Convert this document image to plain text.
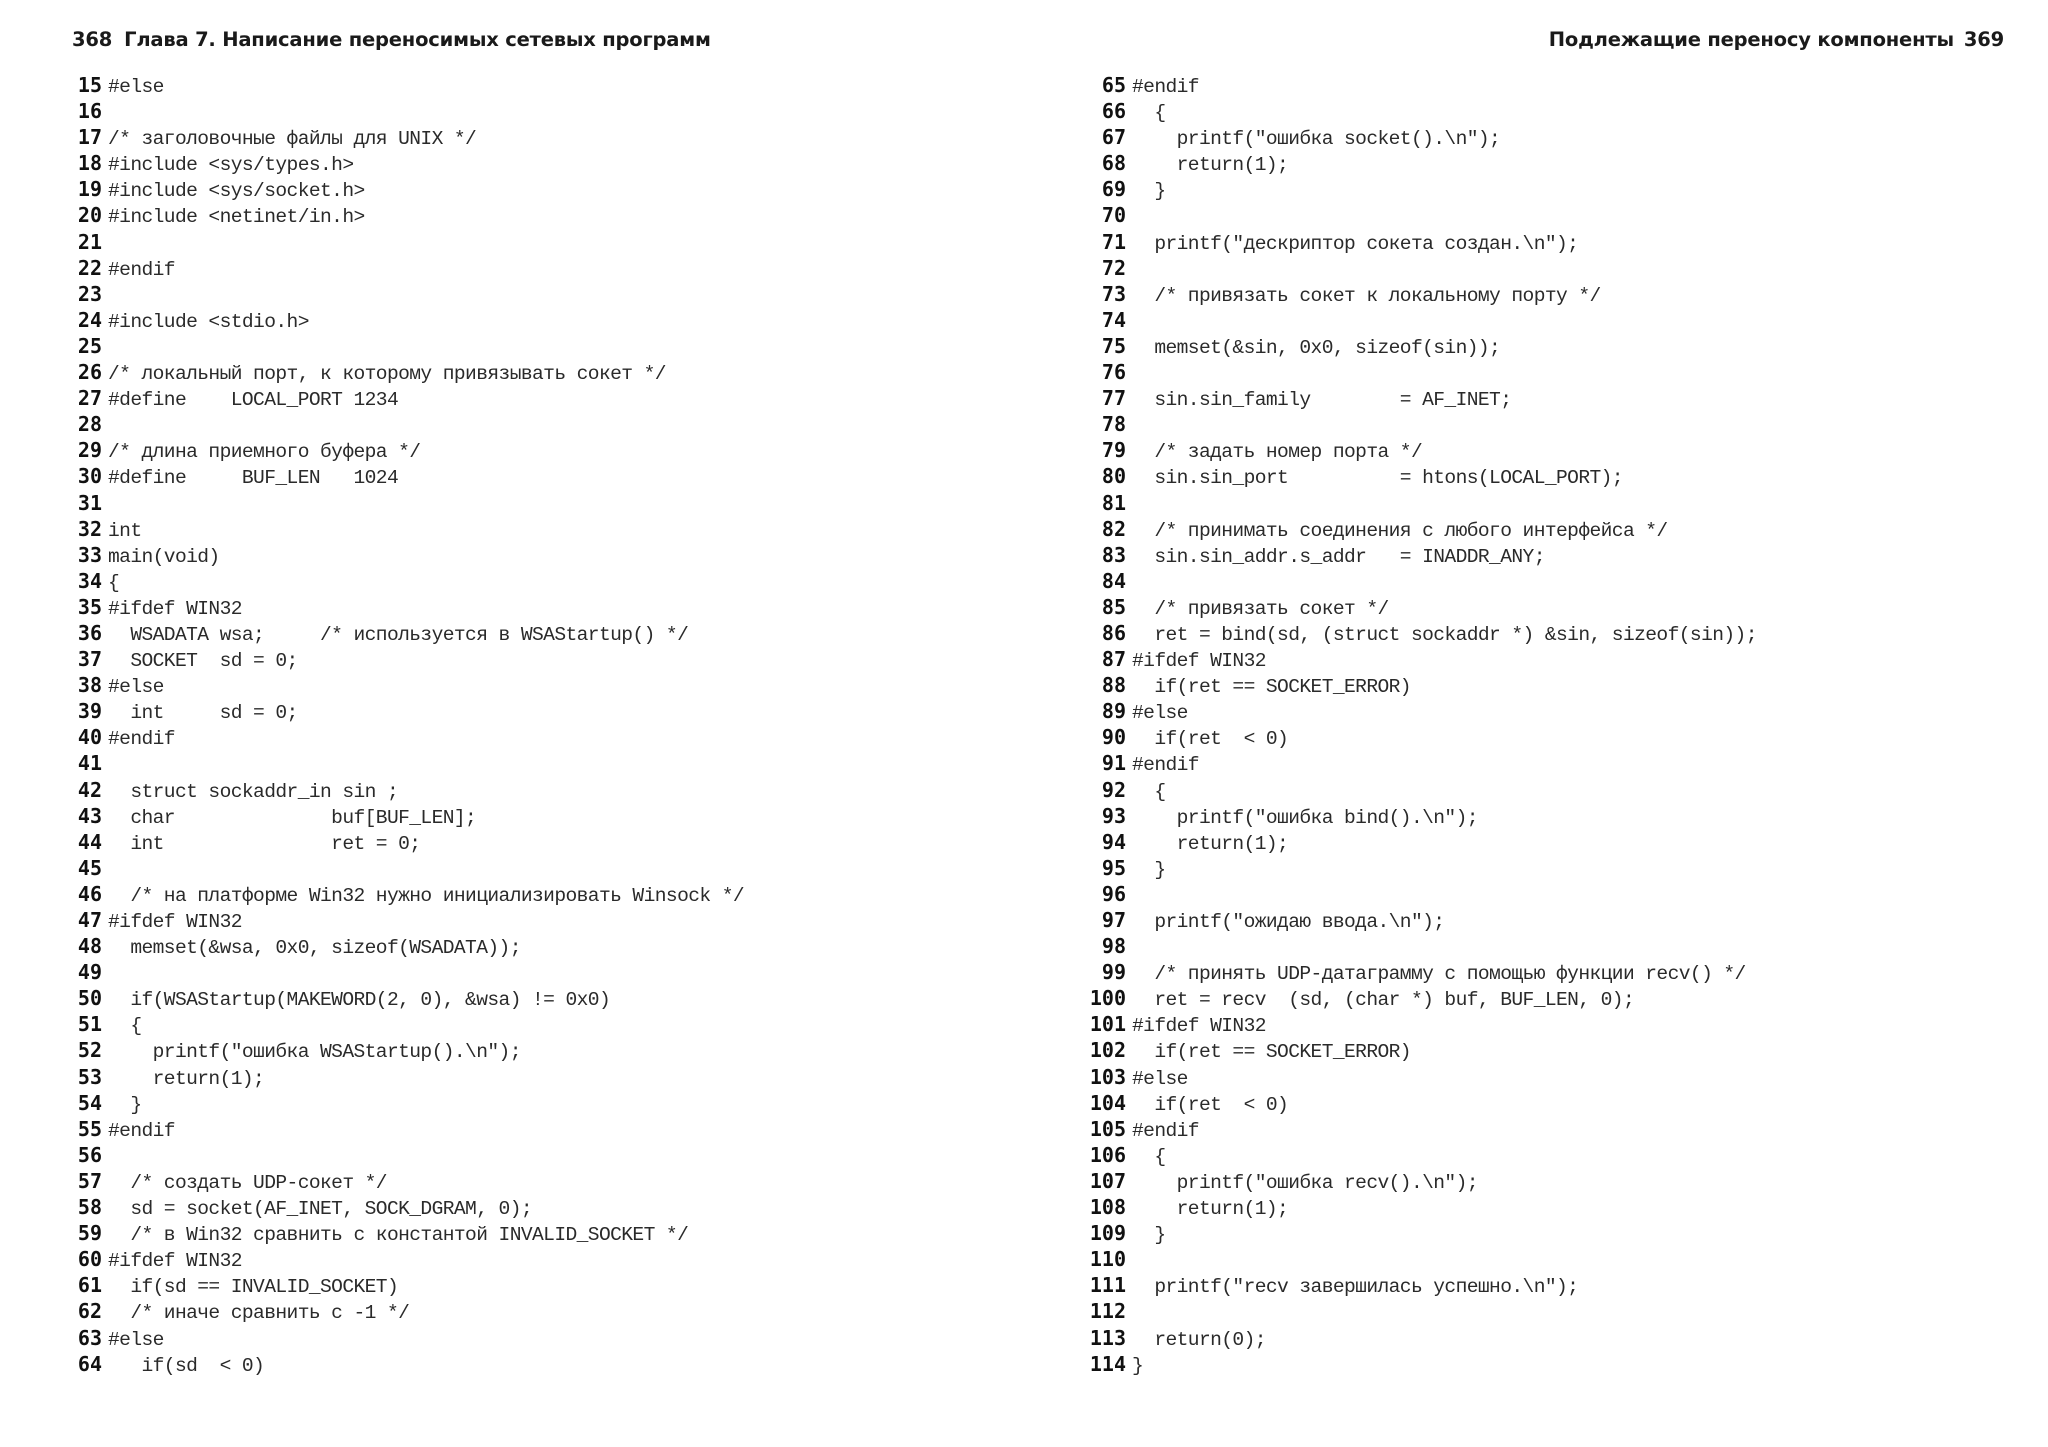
368 Глава 7. Написание переносимых сетевых программ
15 #else
16
17 /* заголовочные файлы для UNIX */
18 #include <sys/types.h>
19 #include <sys/socket.h>
20 #include <netinet/in.h>
21
22 #endif
23
24 #include <stdio.h>
25
26 /* локальный порт, к которому привязывать сокет */
27 #define    LOCAL_PORT 1234
28
29 /* длина приемного буфера */
30 #define     BUF_LEN   1024
31
32 int
33 main(void)
34 {
35 #ifdef WIN32
36 WSADATA wsa;     /* используется в WSAStartup() */
37 SOCKET  sd = 0;
38 #else
39 int     sd = 0;
40 #endif
41
42 struct sockaddr_in sin ;
43 char              buf[BUF_LEN];
44 int               ret = 0;
45
46 /* на платформе Win32 нужно инициализировать Winsock */
47 #ifdef WIN32
48 memset(&wsa, 0x0, sizeof(WSADATA));
49
50 if(WSAStartup(MAKEWORD(2, 0), &wsa) != 0x0)
51 {
52 printf("ошибка WSAStartup().\n");
53 return(1);
54 }
55 #endif
56
57 /* создать UDP-сокет */
58 sd = socket(AF_INET, SOCK_DGRAM, 0);
59 /* в Win32 сравнить с константой INVALID_SOCKET */
60 #ifdef WIN32
61 if(sd == INVALID_SOCKET)
62 /* иначе сравнить с -1 */
63 #else
64 if(sd  < 0)
Подлежащие переносу компоненты 369
65 #endif
66 {
67 printf("ошибка socket().\n");
68 return(1);
69 }
70
71 printf("дескриптор сокета создан.\n");
72
73 /* привязать сокет к локальному порту */
74
75 memset(&sin, 0x0, sizeof(sin));
76
77 sin.sin_family        = AF_INET;
78
79 /* задать номер порта */
80 sin.sin_port          = htons(LOCAL_PORT);
81
82 /* принимать соединения с любого интерфейса */
83 sin.sin_addr.s_addr   = INADDR_ANY;
84
85 /* привязать сокет */
86 ret = bind(sd, (struct sockaddr *) &sin, sizeof(sin));
87 #ifdef WIN32
88 if(ret == SOCKET_ERROR)
89 #else
90 if(ret  < 0)
91 #endif
92 {
93 printf("ошибка bind().\n");
94 return(1);
95 }
96
97 printf("ожидаю ввода.\n");
98
99 /* принять UDP-датаграмму с помощью функции recv() */
100 ret = recv  (sd, (char *) buf, BUF_LEN, 0);
101 #ifdef WIN32
102 if(ret == SOCKET_ERROR)
103 #else
104 if(ret  < 0)
105 #endif
106 {
107 printf("ошибка recv().\n");
108 return(1);
109 }
110
111 printf("recv завершилась успешно.\n");
112
113 return(0);
114 }
